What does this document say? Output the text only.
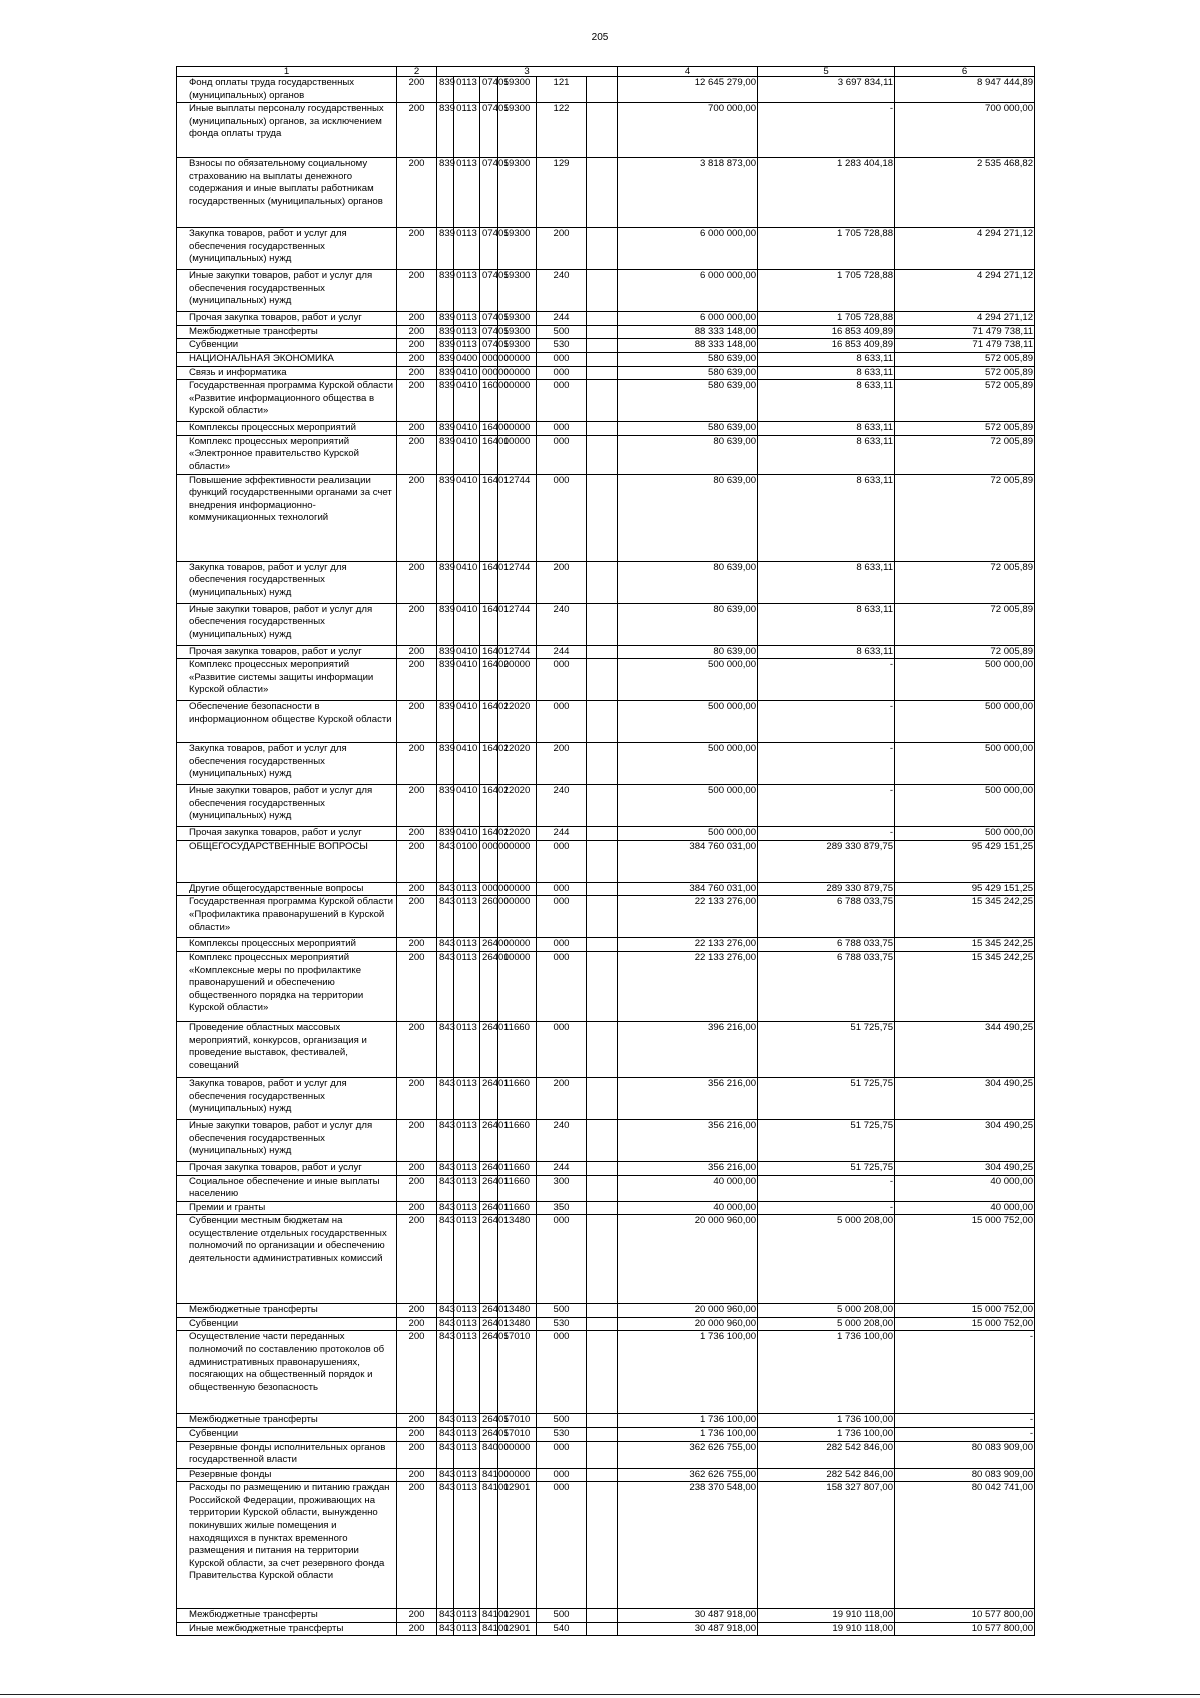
205
1	2	3						4	5	6
Фонд оплаты труда государственных (муниципальных) органов	200	839	0113	07401	59300	121		12 645 279,00	3 697 834,11	8 947 444,89
Иные выплаты персоналу государственных (муниципальных) органов, за исключением фонда оплаты труда	200	839	0113	07401	59300	122		700 000,00	-	700 000,00
Взносы по обязательному социальному страхованию на выплаты денежного содержания и иные выплаты работникам государственных (муниципальных) органов	200	839	0113	07401	59300	129		3 818 873,00	1 283 404,18	2 535 468,82
Закупка товаров, работ и услуг для обеспечения государственных (муниципальных) нужд	200	839	0113	07401	59300	200		6 000 000,00	1 705 728,88	4 294 271,12
Иные закупки товаров, работ и услуг для обеспечения государственных (муниципальных) нужд	200	839	0113	07401	59300	240		6 000 000,00	1 705 728,88	4 294 271,12
Прочая закупка товаров, работ и услуг	200	839	0113	07401	59300	244		6 000 000,00	1 705 728,88	4 294 271,12
Межбюджетные трансферты	200	839	0113	07401	59300	500		88 333 148,00	16 853 409,89	71 479 738,11
Субвенции	200	839	0113	07401	59300	530		88 333 148,00	16 853 409,89	71 479 738,11
НАЦИОНАЛЬНАЯ ЭКОНОМИКА	200	839	0400	00000	00000	000		580 639,00	8 633,11	572 005,89
Связь и информатика	200	839	0410	00000	00000	000		580 639,00	8 633,11	572 005,89
Государственная программа Курской области «Развитие информационного общества в Курской области»	200	839	0410	16000	00000	000		580 639,00	8 633,11	572 005,89
Комплексы процессных мероприятий	200	839	0410	16400	00000	000		580 639,00	8 633,11	572 005,89
Комплекс процессных мероприятий «Электронное правительство Курской области»	200	839	0410	16401	00000	000		80 639,00	8 633,11	72 005,89
Повышение эффективности реализации функций государственными органами за счет внедрения информационно-коммуникационных технологий	200	839	0410	16401	12744	000		80 639,00	8 633,11	72 005,89
Закупка товаров, работ и услуг для обеспечения государственных (муниципальных) нужд	200	839	0410	16401	12744	200		80 639,00	8 633,11	72 005,89
Иные закупки товаров, работ и услуг для обеспечения государственных (муниципальных) нужд	200	839	0410	16401	12744	240		80 639,00	8 633,11	72 005,89
Прочая закупка товаров, работ и услуг	200	839	0410	16401	12744	244		80 639,00	8 633,11	72 005,89
Комплекс процессных мероприятий «Развитие системы защиты информации Курской области»	200	839	0410	16402	00000	000		500 000,00	-	500 000,00
Обеспечение безопасности в информационном обществе Курской области	200	839	0410	16402	12020	000		500 000,00	-	500 000,00
Закупка товаров, работ и услуг для обеспечения государственных (муниципальных) нужд	200	839	0410	16402	12020	200		500 000,00	-	500 000,00
Иные закупки товаров, работ и услуг для обеспечения государственных (муниципальных) нужд	200	839	0410	16402	12020	240		500 000,00	-	500 000,00
Прочая закупка товаров, работ и услуг	200	839	0410	16402	12020	244		500 000,00	-	500 000,00
ОБЩЕГОСУДАРСТВЕННЫЕ ВОПРОСЫ	200	843	0100	00000	00000	000		384 760 031,00	289 330 879,75	95 429 151,25
Другие общегосударственные вопросы	200	843	0113	00000	00000	000		384 760 031,00	289 330 879,75	95 429 151,25
Государственная программа Курской области «Профилактика правонарушений в Курской области»	200	843	0113	26000	00000	000		22 133 276,00	6 788 033,75	15 345 242,25
Комплексы процессных мероприятий	200	843	0113	26400	00000	000		22 133 276,00	6 788 033,75	15 345 242,25
Комплекс процессных мероприятий «Комплексные меры по профилактике правонарушений и обеспечению общественного порядка на территории Курской области»	200	843	0113	26401	00000	000		22 133 276,00	6 788 033,75	15 345 242,25
Проведение областных массовых мероприятий, конкурсов, организация и проведение выставок, фестивалей, совещаний	200	843	0113	26401	11660	000		396 216,00	51 725,75	344 490,25
Закупка товаров, работ и услуг для обеспечения государственных (муниципальных) нужд	200	843	0113	26401	11660	200		356 216,00	51 725,75	304 490,25
Иные закупки товаров, работ и услуг для обеспечения государственных (муниципальных) нужд	200	843	0113	26401	11660	240		356 216,00	51 725,75	304 490,25
Прочая закупка товаров, работ и услуг	200	843	0113	26401	11660	244		356 216,00	51 725,75	304 490,25
Социальное обеспечение и иные выплаты населению	200	843	0113	26401	11660	300		40 000,00	-	40 000,00
Премии и гранты	200	843	0113	26401	11660	350		40 000,00	-	40 000,00
Субвенции местным бюджетам на осуществление отдельных государственных полномочий по организации и обеспечению деятельности административных комиссий	200	843	0113	26401	13480	000		20 000 960,00	5 000 208,00	15 000 752,00
Межбюджетные трансферты	200	843	0113	26401	13480	500		20 000 960,00	5 000 208,00	15 000 752,00
Субвенции	200	843	0113	26401	13480	530		20 000 960,00	5 000 208,00	15 000 752,00
Осуществление части переданных полномочий по составлению протоколов об административных правонарушениях, посягающих на общественный порядок и общественную безопасность	200	843	0113	26401	57010	000		1 736 100,00	1 736 100,00	-
Межбюджетные трансферты	200	843	0113	26401	57010	500		1 736 100,00	1 736 100,00	-
Субвенции	200	843	0113	26401	57010	530		1 736 100,00	1 736 100,00	-
Резервные фонды исполнительных органов государственной власти	200	843	0113	84000	00000	000		362 626 755,00	282 542 846,00	80 083 909,00
Резервные фонды	200	843	0113	84100	00000	000		362 626 755,00	282 542 846,00	80 083 909,00
Расходы по размещению и питанию граждан Российской Федерации, проживающих на территории Курской области, вынужденно покинувших жилые помещения и находящихся в пунктах временного размещения и питания на территории Курской области, за счет резервного фонда Правительства Курской области	200	843	0113	84100	12901	000		238 370 548,00	158 327 807,00	80 042 741,00
Межбюджетные трансферты	200	843	0113	84100	12901	500		30 487 918,00	19 910 118,00	10 577 800,00
Иные межбюджетные трансферты	200	843	0113	84100	12901	540		30 487 918,00	19 910 118,00	10 577 800,00
